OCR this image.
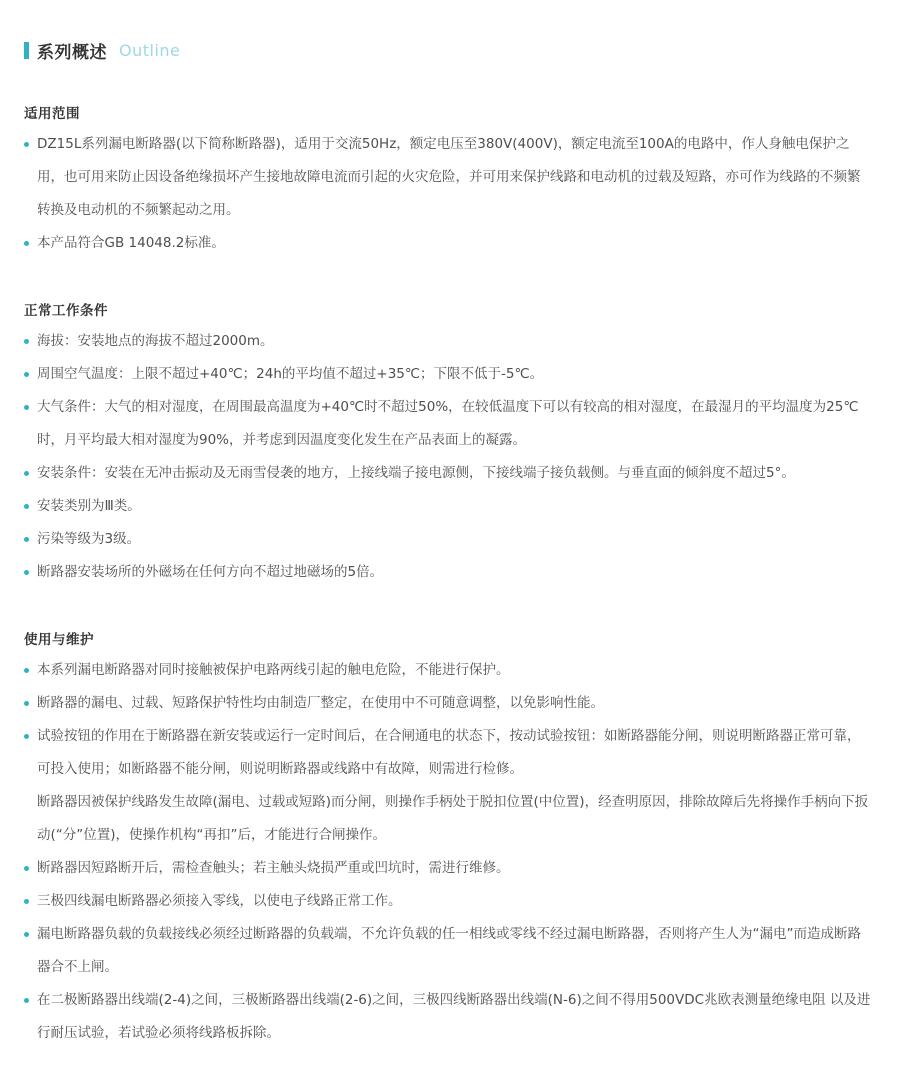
系列概述 Outline
适用范围

DZ15L系列漏电断路器(以下简称断路器)，适用于交流50Hz，额定电压至380V(400V)，额定电流至100A的电路中，作人身触电保护之用，也可用来防止因设备绝缘损坏产生接地故障电流而引起的火灾危险，并可用来保护线路和电动机的过载及短路，亦可作为线路的不频繁转换及电动机的不频繁起动之用。

本产品符合GB 14048.2标准。

正常工作条件

海拔：安装地点的海拔不超过2000m。

周围空气温度：上限不超过+40℃；24h的平均值不超过+35℃；下限不低于-5℃。

大气条件：大气的相对湿度，在周围最高温度为+40℃时不超过50%，在较低温度下可以有较高的相对湿度，在最湿月的平均温度为25℃时，月平均最大相对湿度为90%，并考虑到因温度变化发生在产品表面上的凝露。

安装条件：安装在无冲击振动及无雨雪侵袭的地方，上接线端子接电源侧，下接线端子接负载侧。与垂直面的倾斜度不超过5°。

安装类别为Ⅲ类。

污染等级为3级。

断路器安装场所的外磁场在任何方向不超过地磁场的5倍。

使用与维护

本系列漏电断路器对同时接触被保护电路两线引起的触电危险，不能进行保护。

断路器的漏电、过载、短路保护特性均由制造厂整定，在使用中不可随意调整，以免影响性能。

试验按钮的作用在于断路器在新安装或运行一定时间后，在合闸通电的状态下，按动试验按钮：如断路器能分闸，则说明断路器正常可靠，可投入使用；如断路器不能分闸，则说明断路器或线路中有故障，则需进行检修。

断路器因被保护线路发生故障(漏电、过载或短路)而分闸，则操作手柄处于脱扣位置(中位置)，经查明原因，排除故障后先将操作手柄向下扳动(“分”位置)，使操作机构“再扣”后，才能进行合闸操作。

断路器因短路断开后，需检查触头；若主触头烧损严重或凹坑时，需进行维修。

三极四线漏电断路器必须接入零线，以使电子线路正常工作。

漏电断路器负载的负载接线必须经过断路器的负载端，不允许负载的任一相线或零线不经过漏电断路器，否则将产生人为“漏电”而造成断路器合不上闸。

在二极断路器出线端(2-4)之间，三极断路器出线端(2-6)之间，三极四线断路器出线端(N-6)之间不得用500VDC兆欧表测量绝缘电阻 以及进行耐压试验，若试验必须将线路板拆除。
